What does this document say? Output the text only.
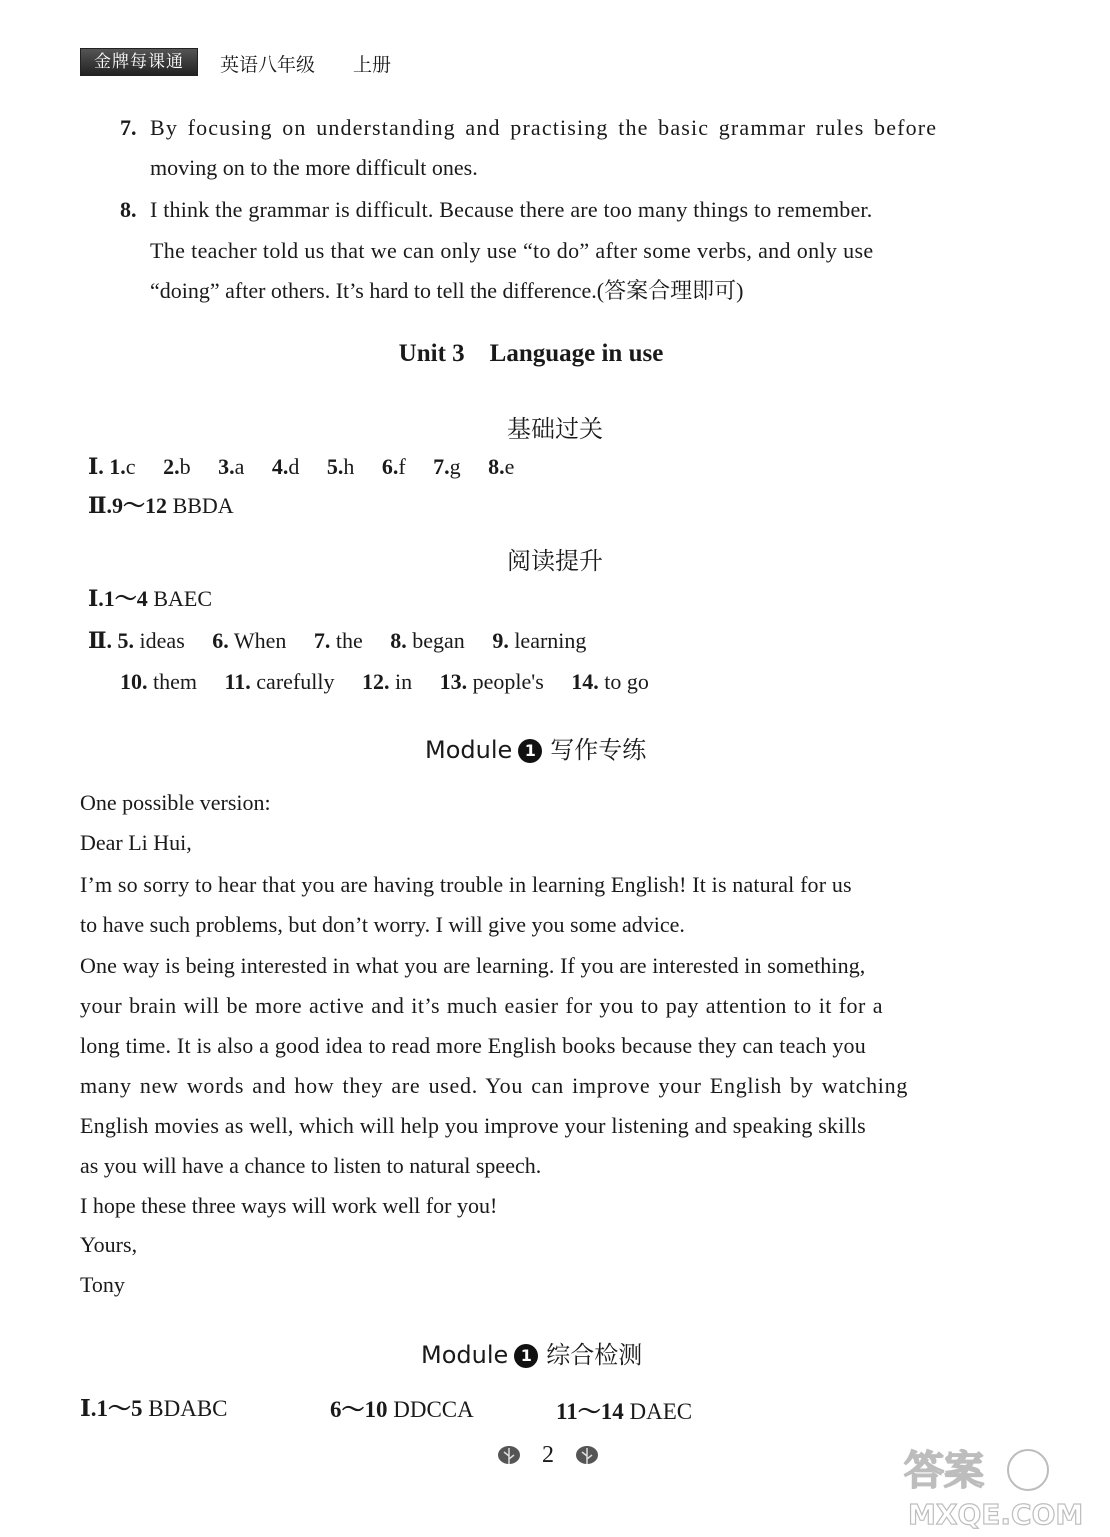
金牌每课通	英语八年级 上册
7. By focusing on understanding and practising the basic grammar rules before
moving on to the more difficult ones.
8. I think the grammar is difficult. Because there are too many things to remember.
The teacher told us that we can only use “to do” after some verbs, and only use
“doing” after others. It’s hard to tell the difference.(答案合理即可)
Unit 3　Language in use
基础过关
Ⅰ. 1.c 2.b 3.a 4.d 5.h 6.f 7.g 8.e
Ⅱ.9～12 BBDA
阅读提升
Ⅰ.1～4 BAEC
Ⅱ. 5. ideas 6. When 7. the 8. began 9. learning
10. them 11. carefully 12. in 13. people's 14. to go
Module 1 写作专练
One possible version:
Dear Li Hui,
I’m so sorry to hear that you are having trouble in learning English! It is natural for us
to have such problems, but don’t worry. I will give you some advice.
One way is being interested in what you are learning. If you are interested in something,
your brain will be more active and it’s much easier for you to pay attention to it for a
long time. It is also a good idea to read more English books because they can teach you
many new words and how they are used. You can improve your English by watching
English movies as well, which will help you improve your listening and speaking skills
as you will have a chance to listen to natural speech.
I hope these three ways will work well for you!
Yours,
Tony
Module 1 综合检测
Ⅰ.1～5 BDABC	6～10 DDCCA	11～14 DAEC
2	答案
MXQE.COM
